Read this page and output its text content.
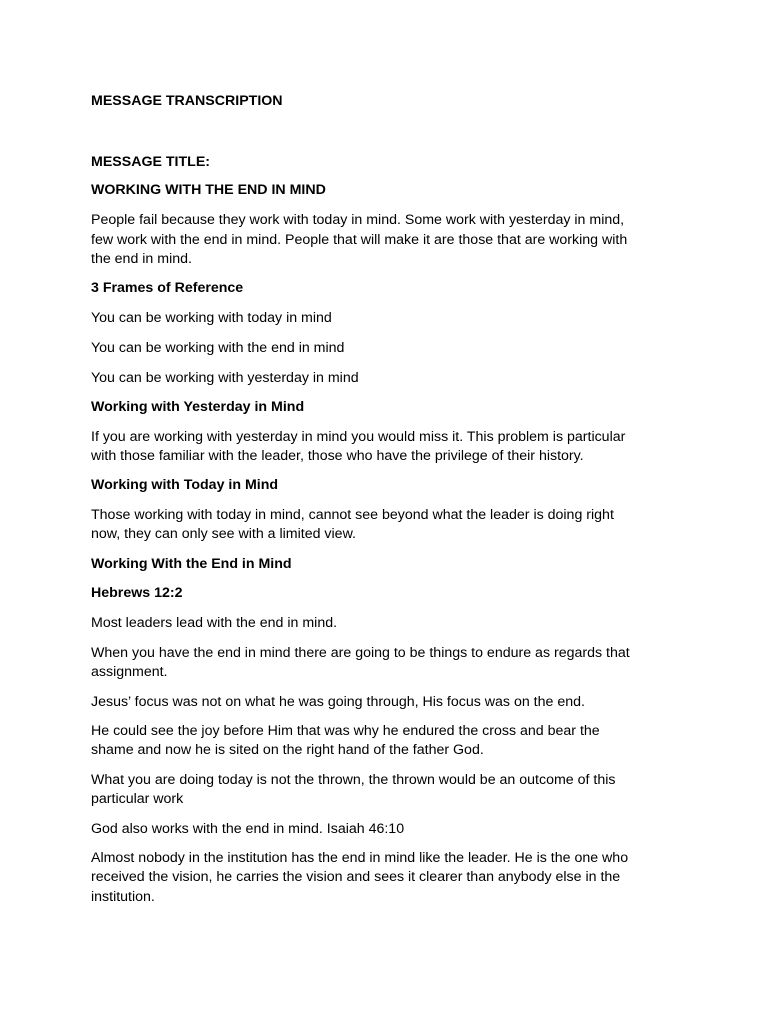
MESSAGE TRANSCRIPTION

MESSAGE TITLE:

WORKING WITH THE END IN MIND

People fail because they work with today in mind. Some work with yesterday in mind,

few work with the end in mind. People that will make it are those that are working with

the end in mind.

3 Frames of Reference

You can be working with today in mind

You can be working with the end in mind

You can be working with yesterday in mind

Working with Yesterday in Mind

If you are working with yesterday in mind you would miss it. This problem is particular

with those familiar with the leader, those who have the privilege of their history.

Working with Today in Mind

Those working with today in mind, cannot see beyond what the leader is doing right

now, they can only see with a limited view.

Working With the End in Mind

Hebrews 12:2

Most leaders lead with the end in mind.

When you have the end in mind there are going to be things to endure as regards that

assignment.

Jesus’ focus was not on what he was going through, His focus was on the end.

He could see the joy before Him that was why he endured the cross and bear the

shame and now he is sited on the right hand of the father God.

What you are doing today is not the thrown, the thrown would be an outcome of this

particular work

God also works with the end in mind. Isaiah 46:10

Almost nobody in the institution has the end in mind like the leader. He is the one who

received the vision, he carries the vision and sees it clearer than anybody else in the

institution.
